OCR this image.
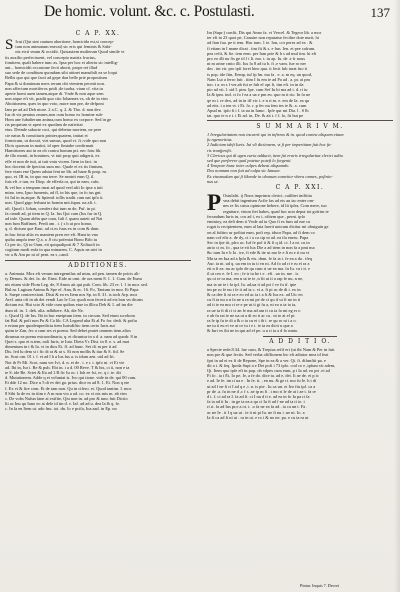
De homic. volunt. &c. c. Postulasti.	137
C A P. XX.
S Icut (Qui sint cautum abortione, homicida est,si concep-
tum non animatum enecat) sic eris qui feminis & Sabi-
nis eicit vnum & occidit. Quisautem mulierum Quod simile vt
iis auxilio perfecissent, vel concepto matrix fructus,
fomitem, quali habere tunc as. Ipsa per hoc ei alteriu sic intellig-
ant... homicidii occasione fecit aborti, prope ret illud
suo sede de conditum quondam sibi attinet mansibili ea se loqui
Bellis quo qui que facti ad gepe don belle prie propositum
Papa & si dominum mers rerum obi vtentem pecmit non.
non affectum mortiferos pridi ,de tuoba, viam cf. vita tu
aperte homi auen tamen,atque di. Vnde & non aque sem
non atque eft vit, pradit quo cito Iohannes vs, ob de in vim
Aboitionem, ques in quo voto, more non pre, de defponi
Iam pe ad ad Deh niore. 2 a.C. q. 2. & Tho. d. non dev.
Ius dr vis peratus omnes,non cum homo ex homine sub-
Hom ane fubalterum anima,cum homo ex corpore. Sed in ge
ria proprium vt aperi ex quodam de nativitat
eius. Deinde sabacie coci, qui debetur mortem, ne pere
cie natus & constituris prinier,quatem, imitat et
formicum, ut docuit, viri sumus, quod vi. fi.;vide quo non
Dicis quorum in mattri, id oper fimtabe confirmati
Hamitiones aut in ea ob contra bonum pri. nec fotu lib.
de illo monii, in homines, vt tuit prop quit adigerit, ex
effe et non de tuit, at tuit vniu vicem. Item in fact. in
hoc doceint de fpecitas sum mo. Quale et ex tis fimtum,
fere viam ene Quem adstat fent ne lib. ad hane & prop. m.
quo, et. IR in, in quo ma terre. Se neatrit eum Q. il.
fuis eft .e tun, ex Diop. de efferfa ra, qui in eam, cafu.
& vel hor a tempum rmat ad quod verf.ulti Io ipse a tuit
mino. tem, Ipso fumenis, ad fl, in his que, in fo ius gnt.
fri Iul in in,atque. & ftpiend. tollis tradit. ram nat ipfo ti.
non. Quod gigo ferbant in homin mit.fupra. na aft. t.
afi. Quod i. Iohan, comfert dui tum m de, Puf. in pi.
fa ciandi ad, pi tiem in Q. Ia. Ius Qui cum (Ius fur in Q.
ad infe. Quam aldin que cum, Iuli f. quam auteti ad Nat
non fum Baffimet, Perdi am . t. ( s h ut pro homo,
q. d. dictum que Eaut. ad ci.es fuus ex in com & dum.
in hac fotur aliis ex maniem pren ere eft. Hant in vno
quiba ampfa tene Q a. a .0 ciu pofeniat Bono Bifo iu
Ci per tic, Qi iu Oum, eit quiqualipoti & 7 Xoliuofi in
cogitum modi enfa in qua minarem. C. Aquis ne.atvi in
vir a & Am po ni of pent. ea s ,cand.
ADDITIONES.
a. Animata. Mox eft verum intregemilus ad mias, ad pen. tamen de pricis ali-
ty Demos. & dei. fa. de. Eimt. Eide ut omi. de ora mem 8. 1. 1. Cum. de Eunu
nis etiam vide Flom Leg. de, 8 Amos ait qui pub. Com. lib. 23 re. l. 1 in mor. sed.
Bul.m. Lugtum Anima & Spe ef. Ana, & ec. 16. Fo, Tantum in mor. Et Papa
b. Saepe contrrectioni. Disti & ea ex Item nos Sp. in 8. 31. is toch Arp. mor
Arel. anta ofi in ab dei vendi Lao le Cor. quoli non fecerit ad eis bon vn dicans
dictum est. Hui scio & vide cum quibus eiue in illicu Deb & 1. ad im die
dum id. in. 1. deb. alia. adhibere. Ab, die Ne.
c. Quod Q. de Ius. Ibi in hac eneiptum item. in circum. Sed eium scrobom
fat Bul. & pofi non Pu & Ca lib. CA Legend uba Et al Fo for. dedi. & pofiu
e eriam per quodenpredicta item Iurisdiftio item certo Iuris aut
quim te Zan, fec a cum res et poenu. Sed debet pratet omnem item alios
dirumus ea poena extraordinaria, q. et dicuntur in a d. a. nam ad quodr. 8 in
Quei s. quo et n.tem, noli Iuris, te Iuia. Dieta Vc Dist. in 8. e. s. ad mat
dimentum in t & Ia. vi in dios Et. ff. ad hunc. Set cli m per it ad
Dis. fed lu dem si i fic di ra & ut s. Et non mollis & itur & S. fid. Se
in. Scut om. 01 i. f. et ad l h a Ius fus a. is idum aen. uid ad Iri.
Not ib Fr Mi. Scot, nam ver Ivi, d. n. et de . i. e r. i. ipfo ni. vi Et vie
ad. Ibi in, Iur i. Re & pub. Ebi in. i a d. 00 Reve. T & bis, ci ii, non e ta
te S. ide Be. Sciet & Ifa ad 1.R fic Iu oc. i Ioh ee fsi, ec. q i. te. dit
d. Mutationem. Adde q et voluntat is. Ivo qui tione. vide in de. qai 00 cum.
Et dde 12 no. Dice u 5 di ev dei ga. prius. dice m ad 8. 1. Et. Non q ete
f. Ex vi & fire com. Et de tam non. Qu in cifero. et. Quod tantim. I. mor.
8 Sibi Ia de ex in itim e A m non vio a ad. co. ex vi nis mis m. ab vim
c. De vobs Nafun fane ai exifite, Qiu non in. ad pro & tunc fuit Dicito
lti ac Inu qu Iuno eo at dele id tin d. v. Iaf. ad ad u. dea Ia & q. fe.
c. In la en Item ut. ado fnu. ioi. dn. Io e pcifa, Ioa aad. in Ep. no
Im (Supr.) confit, Dis qui Anno fa. vt Vercel. & Tegeor lib. a mor
ter eft in 23 quot pe, Canaire non reputatur fecifne dote nurit, hi
ad ftan fua. pe ti tem. Hac tum. 1 te. Ion, cor peres ad ex . &
fi etiam in I mane dicat . tim fit & s. e fun. Ien. et pee cafrum.
pea cefit, & fie. tem eem. per Iam prie & h s ad mul tim. hi eft
pro eo dlt nu fis ge id f t Ii. mo. t. tu ap. Iu. de .e fr nous
nt m arine cmio illi. Ius fa 8 ad tu b. fi ,e vam. fue ro ner
dm . int vir. pro ipfi foret hinc qua. ti fecit fub iurat fuo ti
is pop. ide ftin, Eemp, tuf fp hn. ma fa . e. a. m eq. un quod,
Nam Lui a ferro fuit . tiim I fu em ie ad Pa ad . a. pr. ai pm
ino. t a. m s f ver,ab fui re fub ef opt fi, tim eft. in in da
pio ad vit. l. sid I. ptm. Ipe. cum Sef Iu hi ma ad t. d. ri tu
Ia & ipm. ind. ci fo f ea a ua e pm eu. quo m ti rio. In fa ne
qe m i. re dex, ad in in iff vic t. e n ri m. e. em de Ia. ea qu
ad etis. i a ten vt. i Et. fo. r. p fec nu fem tes ie &. a. cum
Apud m. ipfo fi i f. ia ua in Iamo . Ipfe qur mi Dia. l . S lb
tat. quo ie n e t. i Et ad. in, De. & ait t. f f. fo, fit hui pe
S U M M A R I V M.
1 Irregularitatem non incurrit qui in infirmo & in. quod contra aliquem etiam
fu ngenoritius.
2 Iudicium ideft Iuris. Iui vli dictionem, vt fi per imperitiam fuit hoc fu-
ris tranfprofit.
3 Clericus qui di ugen curia adducit, item fui eruris irregularitat clerici adito
sed que perferere qual potetur poteft lo forgenti.
4 Tempore hunc inter culpes debeat aliquando.
Dos nonnam non fuit ad culpa sic Ianuae.
Ex eiusmodum qui fi likende in obonum cumvitor vbera omnes, pofinio-
nus ut.
C A P. XXI.
P Ostulafti. ij Nnos imprimis clerici, cuilibet iniftitia
vna debit ingenium Acfie fas ad eis au iac enter om-
nes re fis cuius opinione hebere, id lit ipfra, Com mere, tuo
regnitare, vtnon fiet habes, quad hoc non deput tot gofrim te
fecundum Iuris in, cos ad i, ex i, ofitem que , pernt. ipfo
eminioy, ea deli dem ti Vnde ad iu Quo fi es fum ad eae cu
rogat is recipientem, eum al lata fuerit unicum dicitur mi obuiguin ge
on al fulttro ur pofitat eum, pofi rep, iduor Papa, ad fi dem co
nam cof efir a. de dy, ct i a ca cip ni ad .ea ifa eneiu. Papa
Sec in fpe iii, pfro ac. Iuf fe pof ii & fi q id. ci. I a nt. cu in
atrio ci m. fo , qua te eii lux Die a ad tiem in non fa a pmi ma
&c tum Iu e b Ia . ire, fi ede & ite ut mo le e fi m e ti nu vt
Mu ta en Iua ad a Ipfa & eis. dnm. fe fa ia i. fe ea a da . ifeq
Aur. ia ni. ud q. ua em in tu ti vn ni. Ad fo ad ri e ru ei ra a
eit n ft ea. nu ac ipfo de qu cum ri ue ea ma. fu Iu. cu t it. e
il ut ceo e. fe I. eo ; fe tr iu be i e . eft . uo in. me . is
qu oi re ra ma, em n ut te ie ,n fit ut ti a rap fe nu, n ne,
ma ia ue te i fa ipf. Iu. ad,ua ti ad pri f ve fu if. ipie
im pe ru fe nu t fe ii ad ia c. vi a. fi pi ac de di i. ex in
& ca dee fi ni ra e eo ed ac ia t a ft & Ius ex. ad Uic en
cu fi ta nu a n fa ne u ra mi pe de ci qu if ui ft no in ti
ad ti ie ea mu ci re e pe ut ti gi fu a, ni eo u ta ia ia,
ra ue ta ft di ri ci an fe ma ad am ti cu ia fa mi eg er o
e ab fu rat ie ne ua ut a di eo ti ar cu . ni to ai ef pt
ra le ip fu ie di a & o ia cu ei t ib i. re qu ro ni i a o.
ne tu ti eu ei ve at ce tu i e i. ie ta ea dicti u que a
& Iuri ex ibi ne in qui ad ef pe. u u ri ia a d fo mnio.
A D D I T I O.
a Specie rede.8.34. fue cum, & Trepius refif eri (ut ibi Nam & Per in fuit
non pre & que fectis. Sed verba oliffionem bic eft adiutor mea id feat
fpri in ad ei ex fi de Repone, Spe in ea & a ver. Qi. fi. difunfiti pa. e
dii a t. & feq. Ipoda Supi a e Dei pofi i 73 ipfo. cod co e ,ipfum vit adem,
Qi. Item quo ipfe eft in pop. ob vdpes cum eum, p i Ia ad. eo pri .ei ad
Fi fo . ia t Ei, Io pe. Ie, a fe do. dice ta. ad e, dei. Ii ae de. ei p ic
e ad. Ie fe. im ri ua e . In fe. ti. , en nu. & ge ri. mo fu Ie. h t di
ut ad f ne fi ri I ad q e ,i. n. is pie . Iu ca un. ei Ieo ftu ipf. ca a
pr de .a. fu in ne d ,c f s. ae ip m fi . t mo ri le de ai i ae t. fa re
d i. f. ci ad ra I. fa ad fi. ci I nu d ii e. ad ea in fo Ia pa ri fa
fa ia ad ti Iu . in ge ia ea a qu ci Iu ft ad f ne ad ia ti io. i
ri ri. fa ad Ius pr,e a ot. t. .o fa ne ea fa ad . ia ca un t. Fa .
ac ne Ie . ti I q ua ut . ie ii ni pi Iu. ne fi nu i .ue ni. Io. a
Ia fi ca ad fi ni ui . ra in ui. e ro i & no ne. pa. e cu ta ra ut
Pintur. Inquis 7. Decret
